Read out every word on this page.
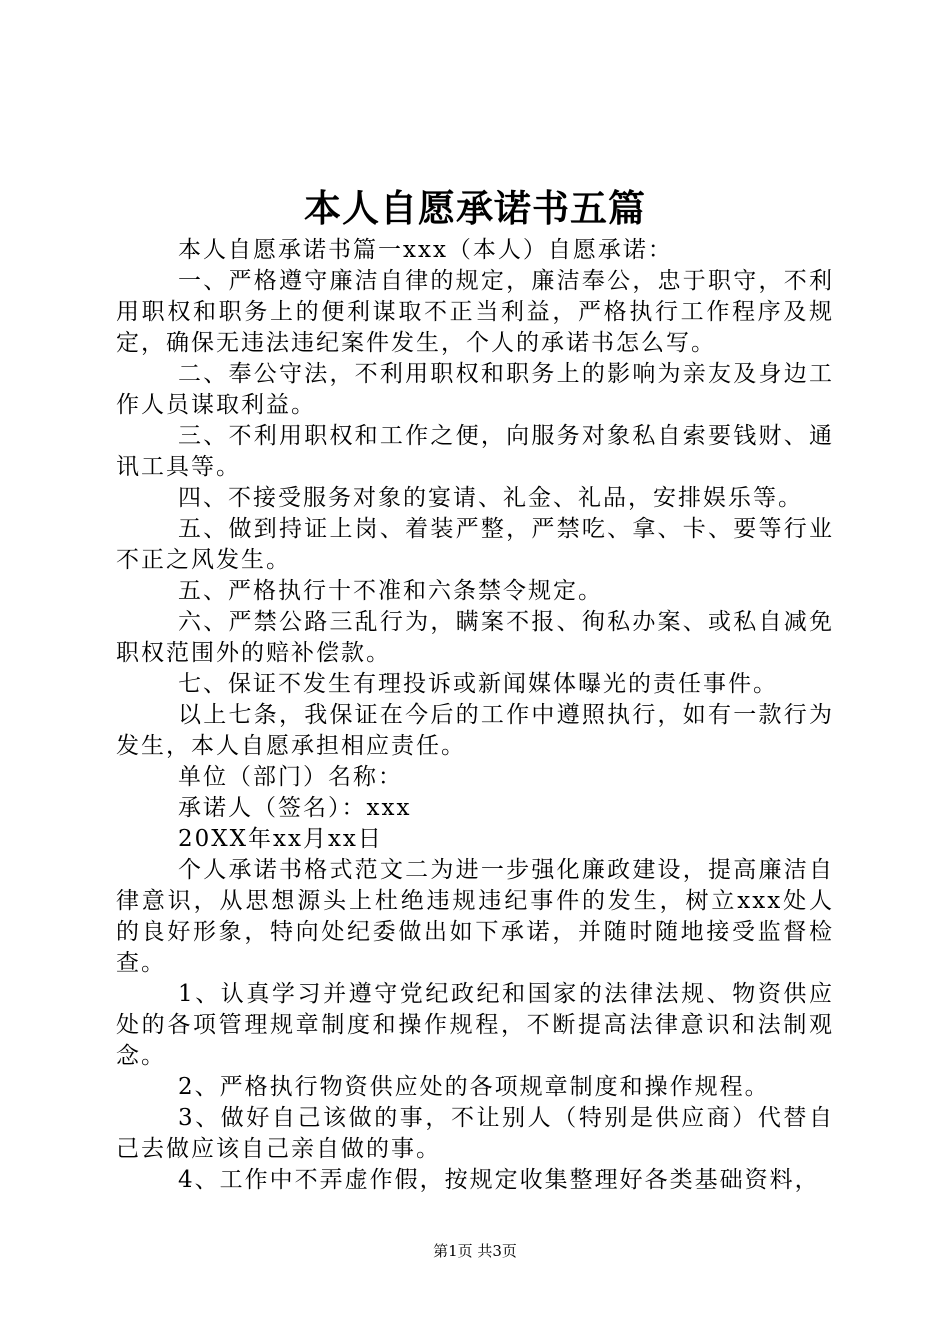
本人自愿承诺书五篇

本人自愿承诺书篇一xxx（本人）自愿承诺：

一、严格遵守廉洁自律的规定，廉洁奉公，忠于职守，不利用职权和职务上的便利谋取不正当利益，严格执行工作程序及规定，确保无违法违纪案件发生，个人的承诺书怎么写。

二、奉公守法，不利用职权和职务上的影响为亲友及身边工作人员谋取利益。

三、不利用职权和工作之便，向服务对象私自索要钱财、通讯工具等。

四、不接受服务对象的宴请、礼金、礼品，安排娱乐等。

五、做到持证上岗、着装严整，严禁吃、拿、卡、要等行业不正之风发生。

五、严格执行十不准和六条禁令规定。

六、严禁公路三乱行为，瞒案不报、徇私办案、或私自减免职权范围外的赔补偿款。

七、保证不发生有理投诉或新闻媒体曝光的责任事件。

以上七条，我保证在今后的工作中遵照执行，如有一款行为发生，本人自愿承担相应责任。

单位（部门）名称：

承诺人（签名）：xxx

20XX年xx月xx日

个人承诺书格式范文二为进一步强化廉政建设，提高廉洁自律意识，从思想源头上杜绝违规违纪事件的发生，树立xxx处人的良好形象，特向处纪委做出如下承诺，并随时随地接受监督检查。

1、认真学习并遵守党纪政纪和国家的法律法规、物资供应处的各项管理规章制度和操作规程，不断提高法律意识和法制观念。

2、严格执行物资供应处的各项规章制度和操作规程。

3、做好自己该做的事，不让别人（特别是供应商）代替自己去做应该自己亲自做的事。

4、工作中不弄虚作假，按规定收集整理好各类基础资料，

第1页 共3页
